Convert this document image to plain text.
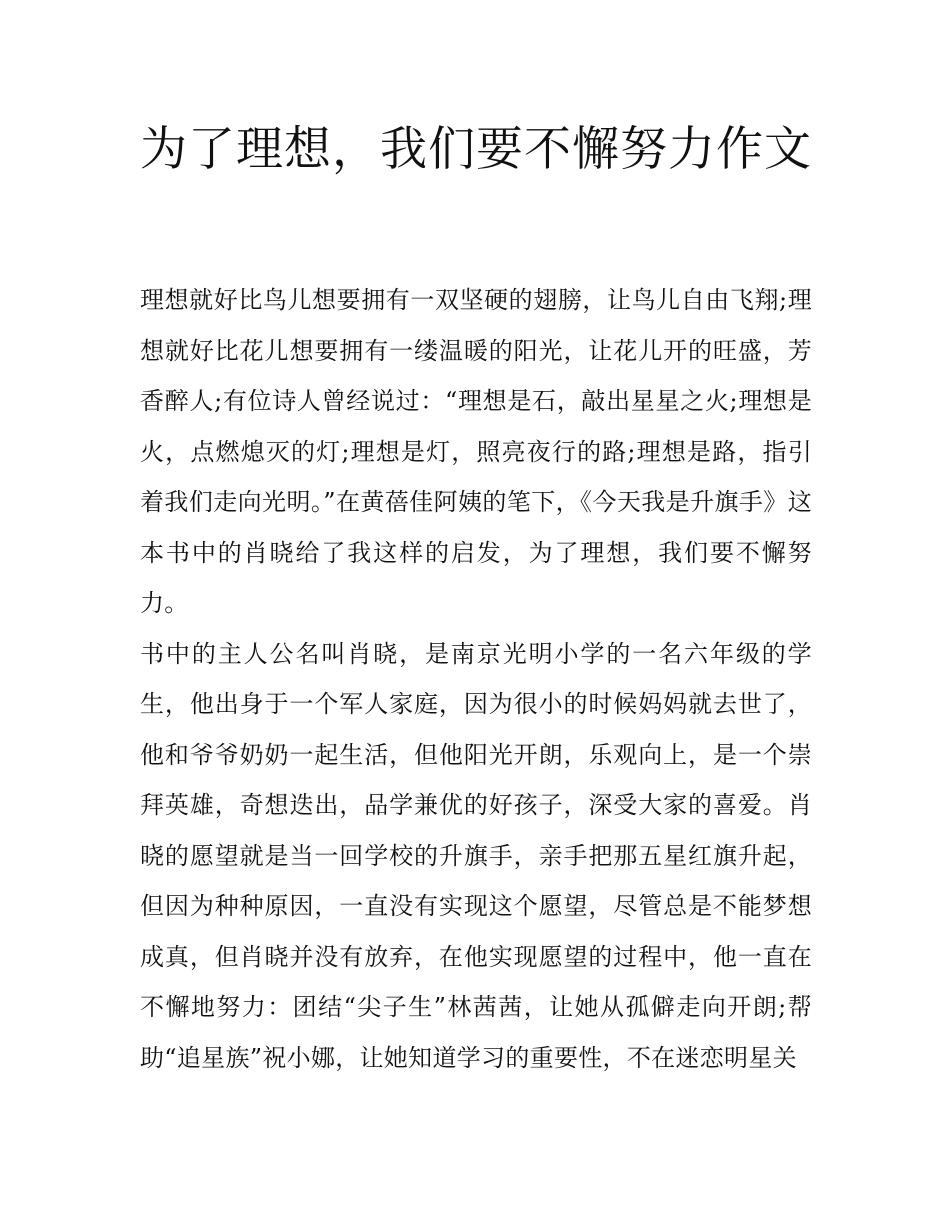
为了理想，我们要不懈努力作文

理想就好比鸟儿想要拥有一双坚硬的翅膀，让鸟儿自由飞翔;理想就好比花儿想要拥有一缕温暖的阳光，让花儿开的旺盛，芳香醉人;有位诗人曾经说过：“理想是石，敲出星星之火;理想是火，点燃熄灭的灯;理想是灯，照亮夜行的路;理想是路，指引着我们走向光明。”在黄蓓佳阿姨的笔下，《今天我是升旗手》这本书中的肖晓给了我这样的启发，为了理想，我们要不懈努力。

书中的主人公名叫肖晓，是南京光明小学的一名六年级的学生，他出身于一个军人家庭，因为很小的时候妈妈就去世了，他和爷爷奶奶一起生活，但他阳光开朗，乐观向上，是一个崇拜英雄，奇想迭出，品学兼优的好孩子，深受大家的喜爱。肖晓的愿望就是当一回学校的升旗手，亲手把那五星红旗升起，但因为种种原因，一直没有实现这个愿望，尽管总是不能梦想成真，但肖晓并没有放弃，在他实现愿望的过程中，他一直在不懈地努力：团结“尖子生”林茜茜，让她从孤僻走向开朗;帮助“追星族”祝小娜，让她知道学习的重要性，不在迷恋明星关
